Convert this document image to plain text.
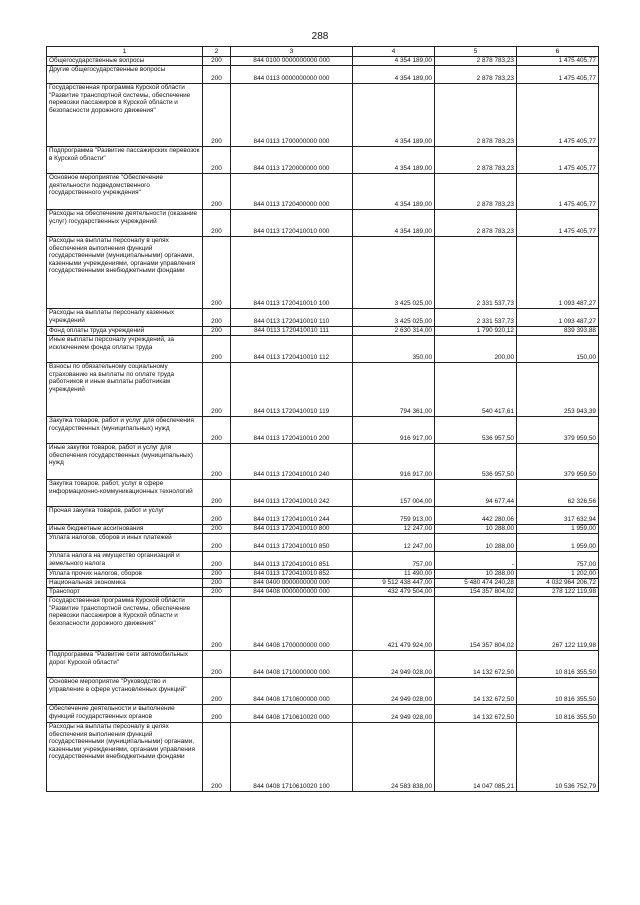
288
1	2	3	4	5	6
Общегосударственные вопросы	200	844 0100 0000000000 000	4 354 189,00	2 878 783,23	1 475 405,77
Другие общегосударственные вопросы	200	844 0113 0000000000 000	4 354 189,00	2 878 783,23	1 475 405,77
Государственная программа Курской области "Развитие транспортной системы, обеспечение перевозки пассажиров в Курской области и безопасности дорожного движения"	200	844 0113 1700000000 000	4 354 189,00	2 878 783,23	1 475 405,77
Подпрограмма "Развитие пассажирских перевозок в Курской области"	200	844 0113 1720000000 000	4 354 189,00	2 878 783,23	1 475 405,77
Основное мероприятие "Обеспечение деятельности подведомственного государственного учреждения"	200	844 0113 1720400000 000	4 354 189,00	2 878 783,23	1 475 405,77
Расходы на обеспечение деятельности (оказание услуг) государственных учреждений	200	844 0113 1720410010 000	4 354 189,00	2 878 783,23	1 475 405,77
Расходы на выплаты персоналу в целях обеспечения выполнения функций государственными (муниципальными) органами, казенными учреждениями, органами управления государственными внебюджетными фондами	200	844 0113 1720410010 100	3 425 025,00	2 331 537,73	1 093 487,27
Расходы на выплаты персоналу казенных учреждений	200	844 0113 1720410010 110	3 425 025,00	2 331 537,73	1 093 487,27
Фонд оплаты труда учреждений	200	844 0113 1720410010 111	2 630 314,00	1 790 920,12	839 393,88
Иные выплаты персоналу учреждений, за исключением фонда оплаты труда	200	844 0113 1720410010 112	350,00	200,00	150,00
Взносы по обязательному социальному страхованию на выплаты по оплате труда работников и иные выплаты работникам учреждений	200	844 0113 1720410010 119	794 361,00	540 417,61	253 943,39
Закупка товаров, работ и услуг для обеспечения государственных (муниципальных) нужд	200	844 0113 1720410010 200	916 917,00	536 957,50	379 959,50
Иные закупки товаров, работ и услуг для обеспечения государственных (муниципальных) нужд	200	844 0113 1720410010 240	916 917,00	536 957,50	379 959,50
Закупка товаров, работ, услуг в сфере информационно-коммуникационных технологий	200	844 0113 1720410010 242	157 004,00	94 677,44	62 326,56
Прочая закупка товаров, работ и услуг	200	844 0113 1720410010 244	759 913,00	442 280,06	317 632,94
Иные бюджетные ассигнования	200	844 0113 1720410010 800	12 247,00	10 288,00	1 959,00
Уплата налогов, сборов и иных платежей	200	844 0113 1720410010 850	12 247,00	10 288,00	1 959,00
Уплата налога на имущество организаций и земельного налога	200	844 0113 1720410010 851	757,00	-	757,00
Уплата прочих налогов, сборов	200	844 0113 1720410010 852	11 490,00	10 288,00	1 202,00
Национальная экономика	200	844 0400 0000000000 000	9 512 438 447,00	5 480 474 240,28	4 032 964 206,72
Транспорт	200	844 0408 0000000000 000	432 479 504,00	154 357 804,02	278 122 119,98
Государственная программа Курской области "Развитие транспортной системы, обеспечение перевозки пассажиров в Курской области и безопасности дорожного движения"	200	844 0408 1700000000 000	421 479 924,00	154 357 804,02	267 122 119,98
Подпрограмма "Развитие сети автомобильных дорог Курской области"	200	844 0408 1710000000 000	24 949 028,00	14 132 672,50	10 816 355,50
Основное мероприятие "Руководство и управление в сфере установленных функций"	200	844 0408 1710600000 000	24 949 028,00	14 132 672,50	10 816 355,50
Обеспечение деятельности и выполнение функций государственных органов	200	844 0408 1710610020 000	24 949 028,00	14 132 672,50	10 816 355,50
Расходы на выплаты персоналу в целях обеспечения выполнения функций государственными (муниципальными) органами, казенными учреждениями, органами управления государственными внебюджетными фондами	200	844 0408 1710610020 100	24 583 838,00	14 047 085,21	10 536 752,79
